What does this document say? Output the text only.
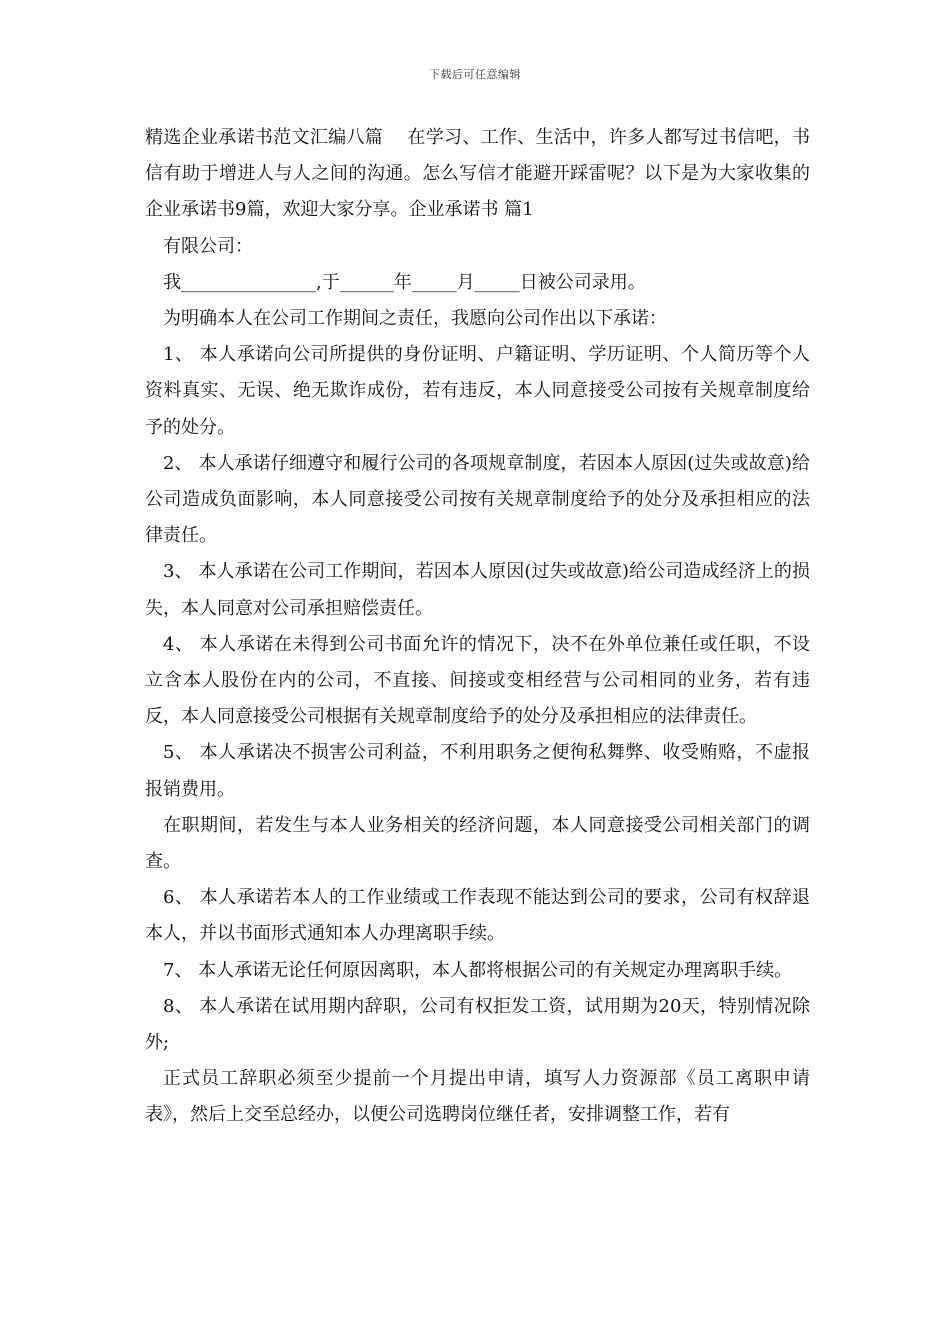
下载后可任意编辑

精选企业承诺书范文汇编八篇　 在学习、工作、生活中，许多人都写过书信吧，书信有助于增进人与人之间的沟通。怎么写信才能避开踩雷呢？以下是为大家收集的企业承诺书9篇，欢迎大家分享。企业承诺书 篇1

有限公司：

我_______________,于______年_____月_____日被公司录用。

为明确本人在公司工作期间之责任，我愿向公司作出以下承诺：

1、 本人承诺向公司所提供的身份证明、户籍证明、学历证明、个人简历等个人资料真实、无误、绝无欺诈成份，若有违反，本人同意接受公司按有关规章制度给予的处分。

2、 本人承诺仔细遵守和履行公司的各项规章制度，若因本人原因(过失或故意)给公司造成负面影响，本人同意接受公司按有关规章制度给予的处分及承担相应的法律责任。

3、 本人承诺在公司工作期间，若因本人原因(过失或故意)给公司造成经济上的损失，本人同意对公司承担赔偿责任。

4、 本人承诺在未得到公司书面允许的情况下，决不在外单位兼任或任职，不设立含本人股份在内的公司，不直接、间接或变相经营与公司相同的业务，若有违反，本人同意接受公司根据有关规章制度给予的处分及承担相应的法律责任。

5、 本人承诺决不损害公司利益，不利用职务之便徇私舞弊、收受贿赂，不虚报报销费用。

在职期间，若发生与本人业务相关的经济问题，本人同意接受公司相关部门的调查。

6、 本人承诺若本人的工作业绩或工作表现不能达到公司的要求，公司有权辞退本人，并以书面形式通知本人办理离职手续。

7、 本人承诺无论任何原因离职，本人都将根据公司的有关规定办理离职手续。

8、 本人承诺在试用期内辞职，公司有权拒发工资，试用期为20天，特别情况除外;

正式员工辞职必须至少提前一个月提出申请，填写人力资源部《员工离职申请表》，然后上交至总经办，以便公司选聘岗位继任者，安排调整工作，若有
